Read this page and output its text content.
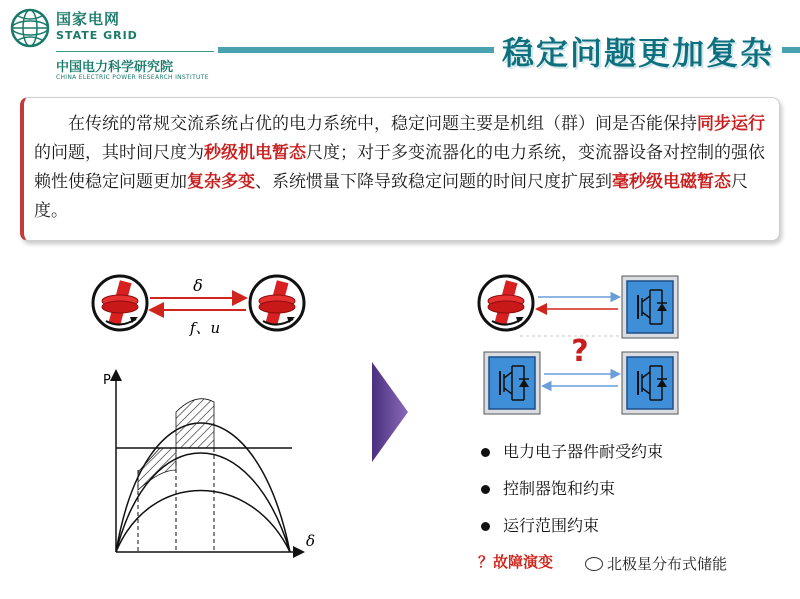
国家电网
STATE GRID
中国电力科学研究院
CHINA ELECTRIC POWER RESEARCH INSTITUTE
稳定问题更加复杂

在传统的常规交流系统占优的电力系统中，稳定问题主要是机组（群）间是否能保持同步运行的问题，其时间尺度为秒级机电暂态尺度；对于多变流器化的电力系统，变流器设备对控制的强依赖性使稳定问题更加复杂多变、系统惯量下降导致稳定问题的时间尺度扩展到毫秒级电磁暂态尺度。

δ
f、u
P
δ
?
电力电子器件耐受约束
控制器饱和约束
运行范围约束
？故障演变	北极星分布式储能
